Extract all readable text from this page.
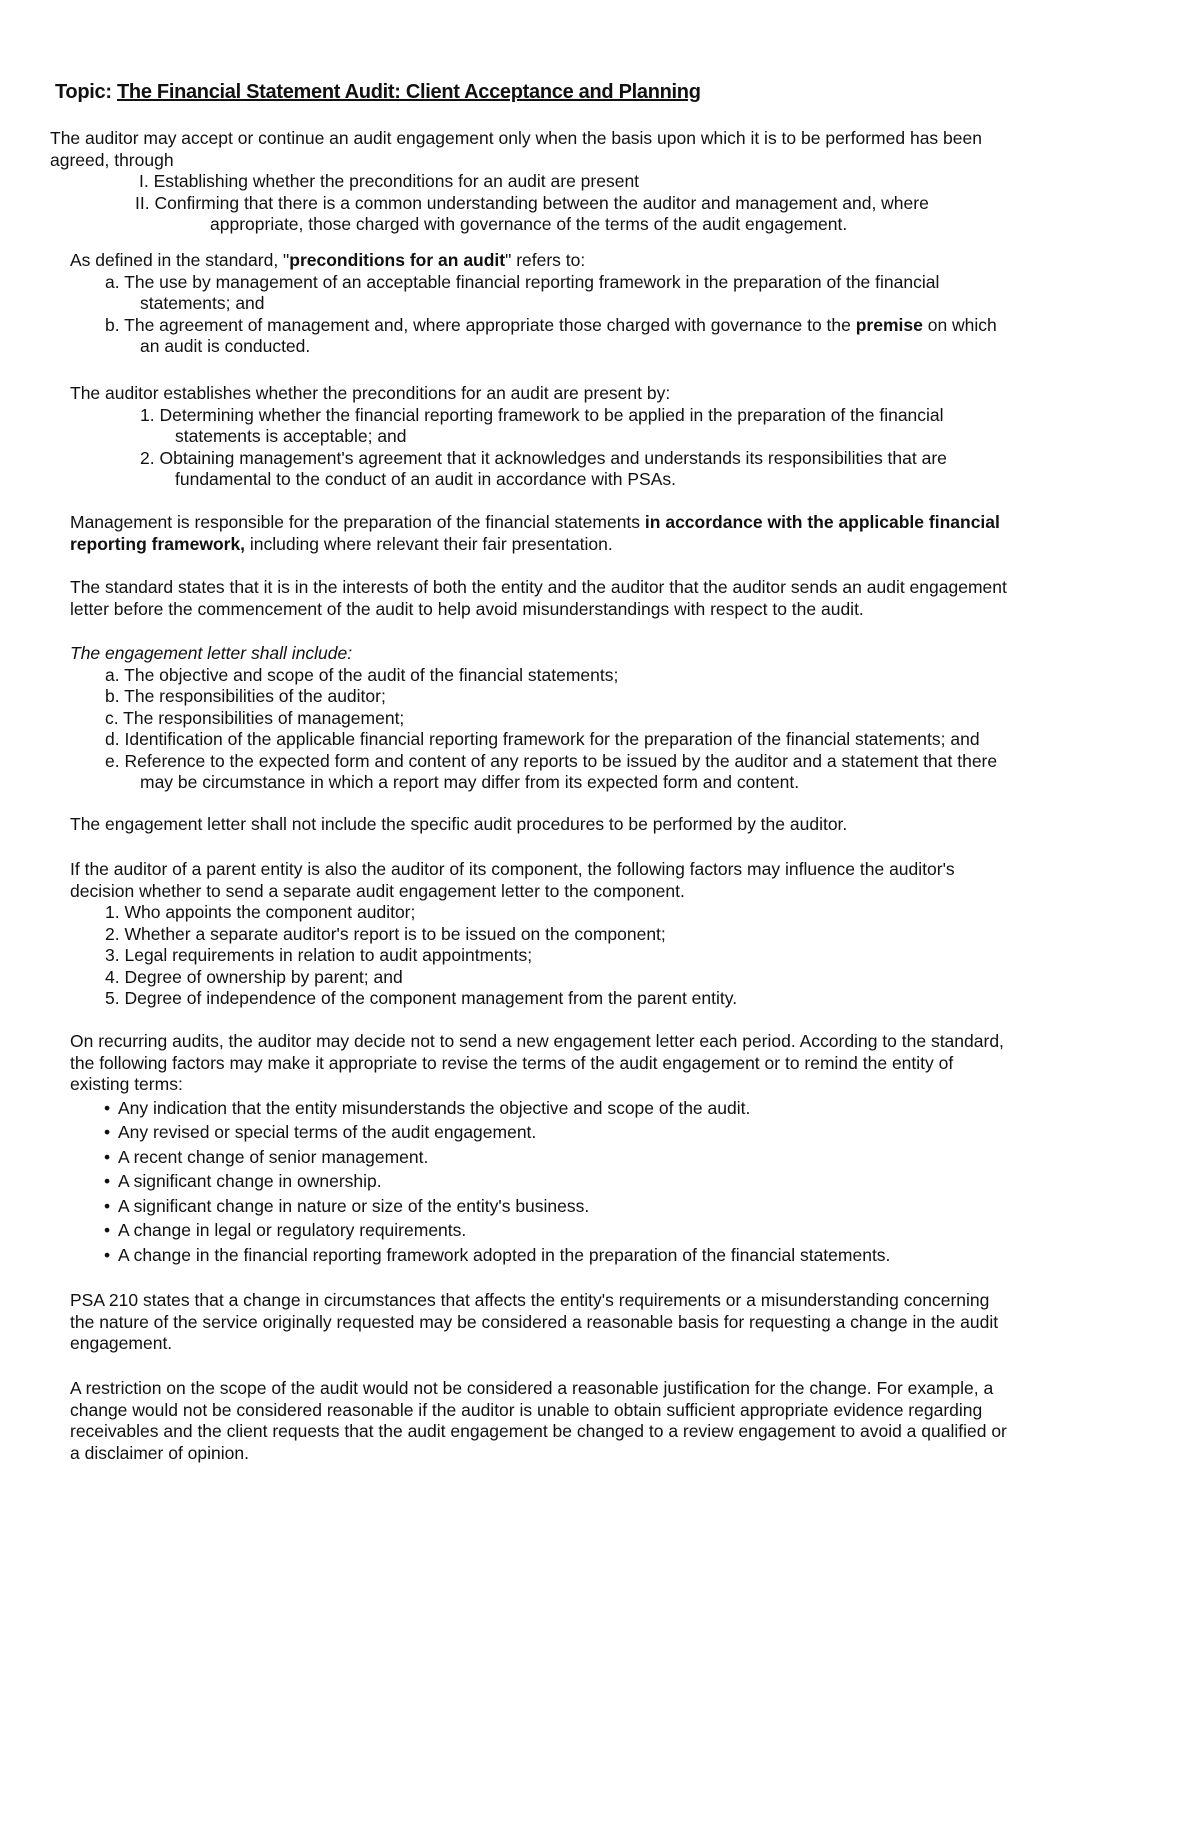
Topic: The Financial Statement Audit: Client Acceptance and Planning
The auditor may accept or continue an audit engagement only when the basis upon which it is to be performed has been
agreed, through
I. Establishing whether the preconditions for an audit are present
II. Confirming that there is a common understanding between the auditor and management and, where
appropriate, those charged with governance of the terms of the audit engagement.
As defined in the standard, "preconditions for an audit" refers to:
a. The use by management of an acceptable financial reporting framework in the preparation of the financial
statements; and
b. The agreement of management and, where appropriate those charged with governance to the premise on which
an audit is conducted.
The auditor establishes whether the preconditions for an audit are present by:
1. Determining whether the financial reporting framework to be applied in the preparation of the financial
statements is acceptable; and
2. Obtaining management's agreement that it acknowledges and understands its responsibilities that are
fundamental to the conduct of an audit in accordance with PSAs.
Management is responsible for the preparation of the financial statements in accordance with the applicable financial
reporting framework, including where relevant their fair presentation.
The standard states that it is in the interests of both the entity and the auditor that the auditor sends an audit engagement
letter before the commencement of the audit to help avoid misunderstandings with respect to the audit.
The engagement letter shall include:
a. The objective and scope of the audit of the financial statements;
b. The responsibilities of the auditor;
c. The responsibilities of management;
d. Identification of the applicable financial reporting framework for the preparation of the financial statements; and
e. Reference to the expected form and content of any reports to be issued by the auditor and a statement that there
may be circumstance in which a report may differ from its expected form and content.
The engagement letter shall not include the specific audit procedures to be performed by the auditor.
If the auditor of a parent entity is also the auditor of its component, the following factors may influence the auditor's
decision whether to send a separate audit engagement letter to the component.
1. Who appoints the component auditor;
2. Whether a separate auditor's report is to be issued on the component;
3. Legal requirements in relation to audit appointments;
4. Degree of ownership by parent; and
5. Degree of independence of the component management from the parent entity.
On recurring audits, the auditor may decide not to send a new engagement letter each period. According to the standard,
the following factors may make it appropriate to revise the terms of the audit engagement or to remind the entity of
existing terms:
• Any indication that the entity misunderstands the objective and scope of the audit.
• Any revised or special terms of the audit engagement.
• A recent change of senior management.
• A significant change in ownership.
• A significant change in nature or size of the entity's business.
• A change in legal or regulatory requirements.
• A change in the financial reporting framework adopted in the preparation of the financial statements.
PSA 210 states that a change in circumstances that affects the entity's requirements or a misunderstanding concerning
the nature of the service originally requested may be considered a reasonable basis for requesting a change in the audit
engagement.
A restriction on the scope of the audit would not be considered a reasonable justification for the change. For example, a
change would not be considered reasonable if the auditor is unable to obtain sufficient appropriate evidence regarding
receivables and the client requests that the audit engagement be changed to a review engagement to avoid a qualified or
a disclaimer of opinion.
